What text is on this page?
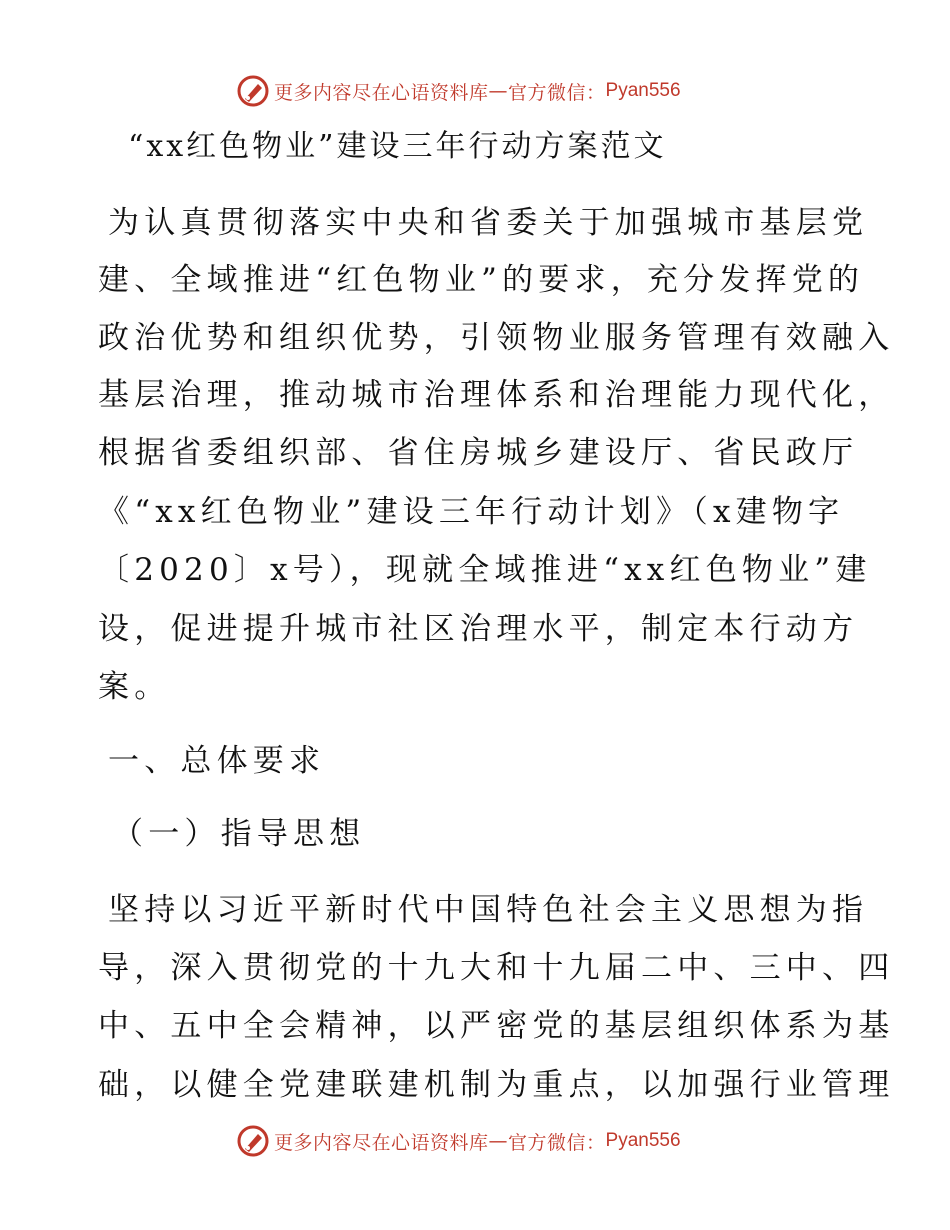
更多内容尽在心语资料库 — 官方微信： Pyan556
“xx红色物业”建设三年行动方案范文
为认真贯彻落实中央和省委关于加强城市基层党
建、全域推进“红色物业”的要求，充分发挥党的
政治优势和组织优势，引领物业服务管理有效融入
基层治理，推动城市治理体系和治理能力现代化，
根据省委组织部、省住房城乡建设厅、省民政厅
《“xx红色物业”建设三年行动计划》（x建物字
〔2020〕x号），现就全域推进“xx红色物业”建
设，促进提升城市社区治理水平，制定本行动方
案。
一、总体要求
（一）指导思想
坚持以习近平新时代中国特色社会主义思想为指
导，深入贯彻党的十九大和十九届二中、三中、四
中、五中全会精神，以严密党的基层组织体系为基
础，以健全党建联建机制为重点，以加强行业管理
更多内容尽在心语资料库 — 官方微信： Pyan556
